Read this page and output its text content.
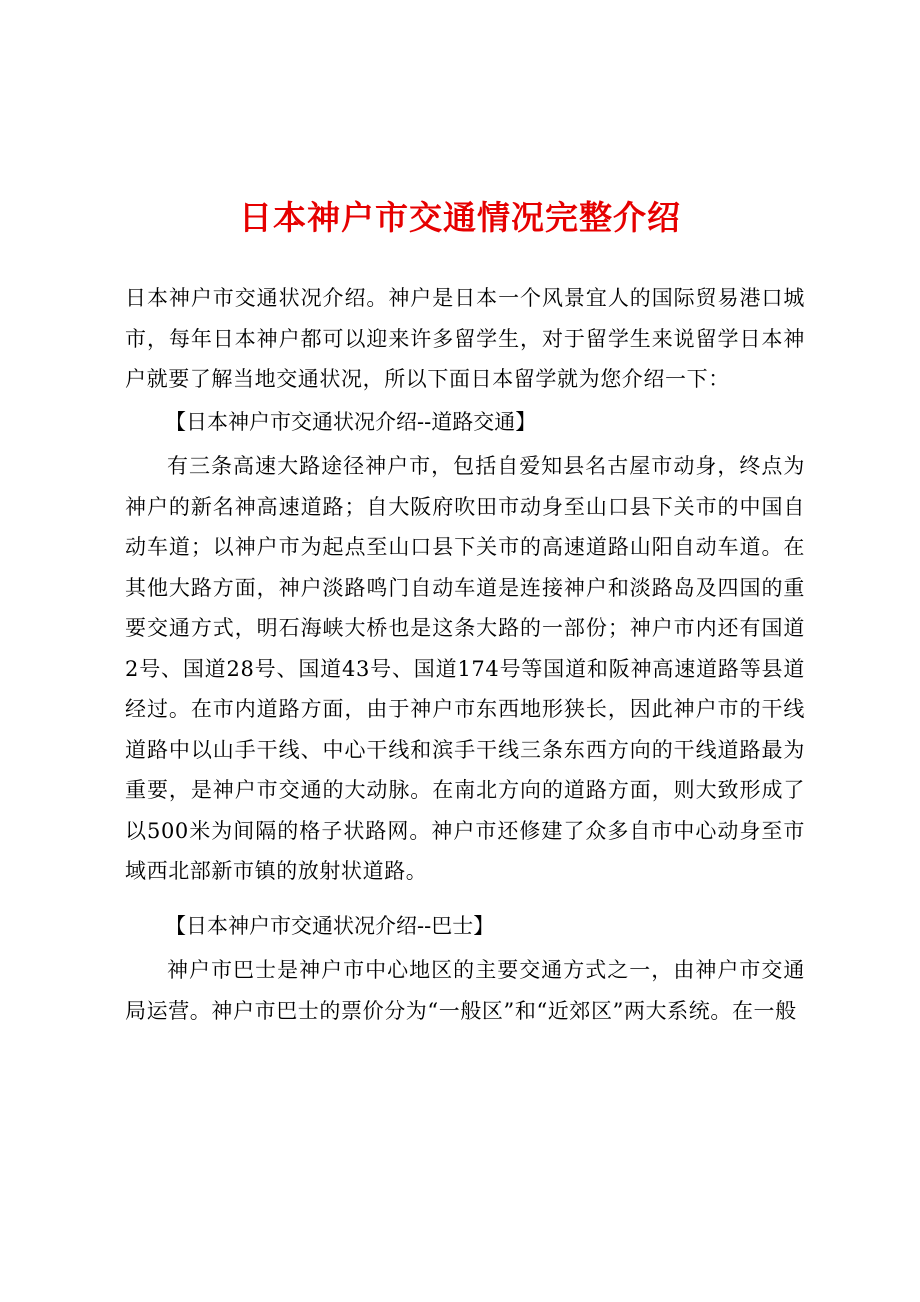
日本神户市交通情况完整介绍

日本神户市交通状况介绍。神户是日本一个风景宜人的国际贸易港口城市，每年日本神户都可以迎来许多留学生，对于留学生来说留学日本神户就要了解当地交通状况，所以下面日本留学就为您介绍一下：

【日本神户市交通状况介绍--道路交通】

有三条高速大路途径神户市，包括自爱知县名古屋市动身，终点为神户的新名神高速道路；自大阪府吹田市动身至山口县下关市的中国自动车道；以神户市为起点至山口县下关市的高速道路山阳自动车道。在其他大路方面，神户淡路鸣门自动车道是连接神户和淡路岛及四国的重要交通方式，明石海峡大桥也是这条大路的一部份；神户市内还有国道2号、国道28号、国道43号、国道174号等国道和阪神高速道路等县道经过。在市内道路方面，由于神户市东西地形狭长，因此神户市的干线道路中以山手干线、中心干线和滨手干线三条东西方向的干线道路最为重要，是神户市交通的大动脉。在南北方向的道路方面，则大致形成了以500米为间隔的格子状路网。神户市还修建了众多自市中心动身至市域西北部新市镇的放射状道路。

【日本神户市交通状况介绍--巴士】

神户市巴士是神户市中心地区的主要交通方式之一，由神户市交通局运营。神户市巴士的票价分为“一般区”和“近郊区”两大系统。在一般
